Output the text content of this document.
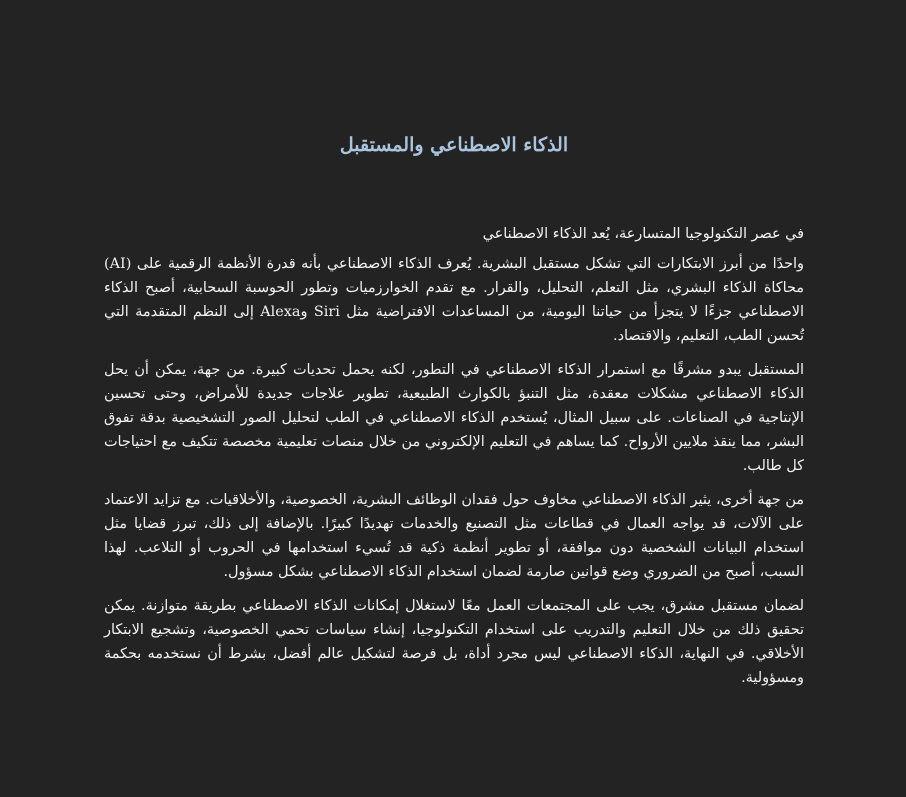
الذكاء الاصطناعي والمستقبل

في عصر التكنولوجيا المتسارعة، يُعد الذكاء الاصطناعي

واحدًا من أبرز الابتكارات التي تشكل مستقبل البشرية. يُعرف الذكاء الاصطناعي بأنه قدرة الأنظمة الرقمية على (AI) محاكاة الذكاء البشري، مثل التعلم، التحليل، والقرار. مع تقدم الخوارزميات وتطور الحوسبة السحابية، أصبح الذكاء الاصطناعي جزءًا لا يتجزأ من حياتنا اليومية، من المساعدات الافتراضية مثل Siri وAlexa إلى النظم المتقدمة التي تُحسن الطب، التعليم، والاقتصاد.

المستقبل يبدو مشرقًا مع استمرار الذكاء الاصطناعي في التطور، لكنه يحمل تحديات كبيرة. من جهة، يمكن أن يحل الذكاء الاصطناعي مشكلات معقدة، مثل التنبؤ بالكوارث الطبيعية، تطوير علاجات جديدة للأمراض، وحتى تحسين الإنتاجية في الصناعات. على سبيل المثال، يُستخدم الذكاء الاصطناعي في الطب لتحليل الصور التشخيصية بدقة تفوق البشر، مما ينقذ ملايين الأرواح. كما يساهم في التعليم الإلكتروني من خلال منصات تعليمية مخصصة تتكيف مع احتياجات كل طالب.

من جهة أخرى، يثير الذكاء الاصطناعي مخاوف حول فقدان الوظائف البشرية، الخصوصية، والأخلاقيات. مع تزايد الاعتماد على الآلات، قد يواجه العمال في قطاعات مثل التصنيع والخدمات تهديدًا كبيرًا. بالإضافة إلى ذلك، تبرز قضايا مثل استخدام البيانات الشخصية دون موافقة، أو تطوير أنظمة ذكية قد تُسيء استخدامها في الحروب أو التلاعب. لهذا السبب، أصبح من الضروري وضع قوانين صارمة لضمان استخدام الذكاء الاصطناعي بشكل مسؤول.

لضمان مستقبل مشرق، يجب على المجتمعات العمل معًا لاستغلال إمكانات الذكاء الاصطناعي بطريقة متوازنة. يمكن تحقيق ذلك من خلال التعليم والتدريب على استخدام التكنولوجيا، إنشاء سياسات تحمي الخصوصية، وتشجيع الابتكار الأخلاقي. في النهاية، الذكاء الاصطناعي ليس مجرد أداة، بل فرصة لتشكيل عالم أفضل، بشرط أن نستخدمه بحكمة ومسؤولية.
